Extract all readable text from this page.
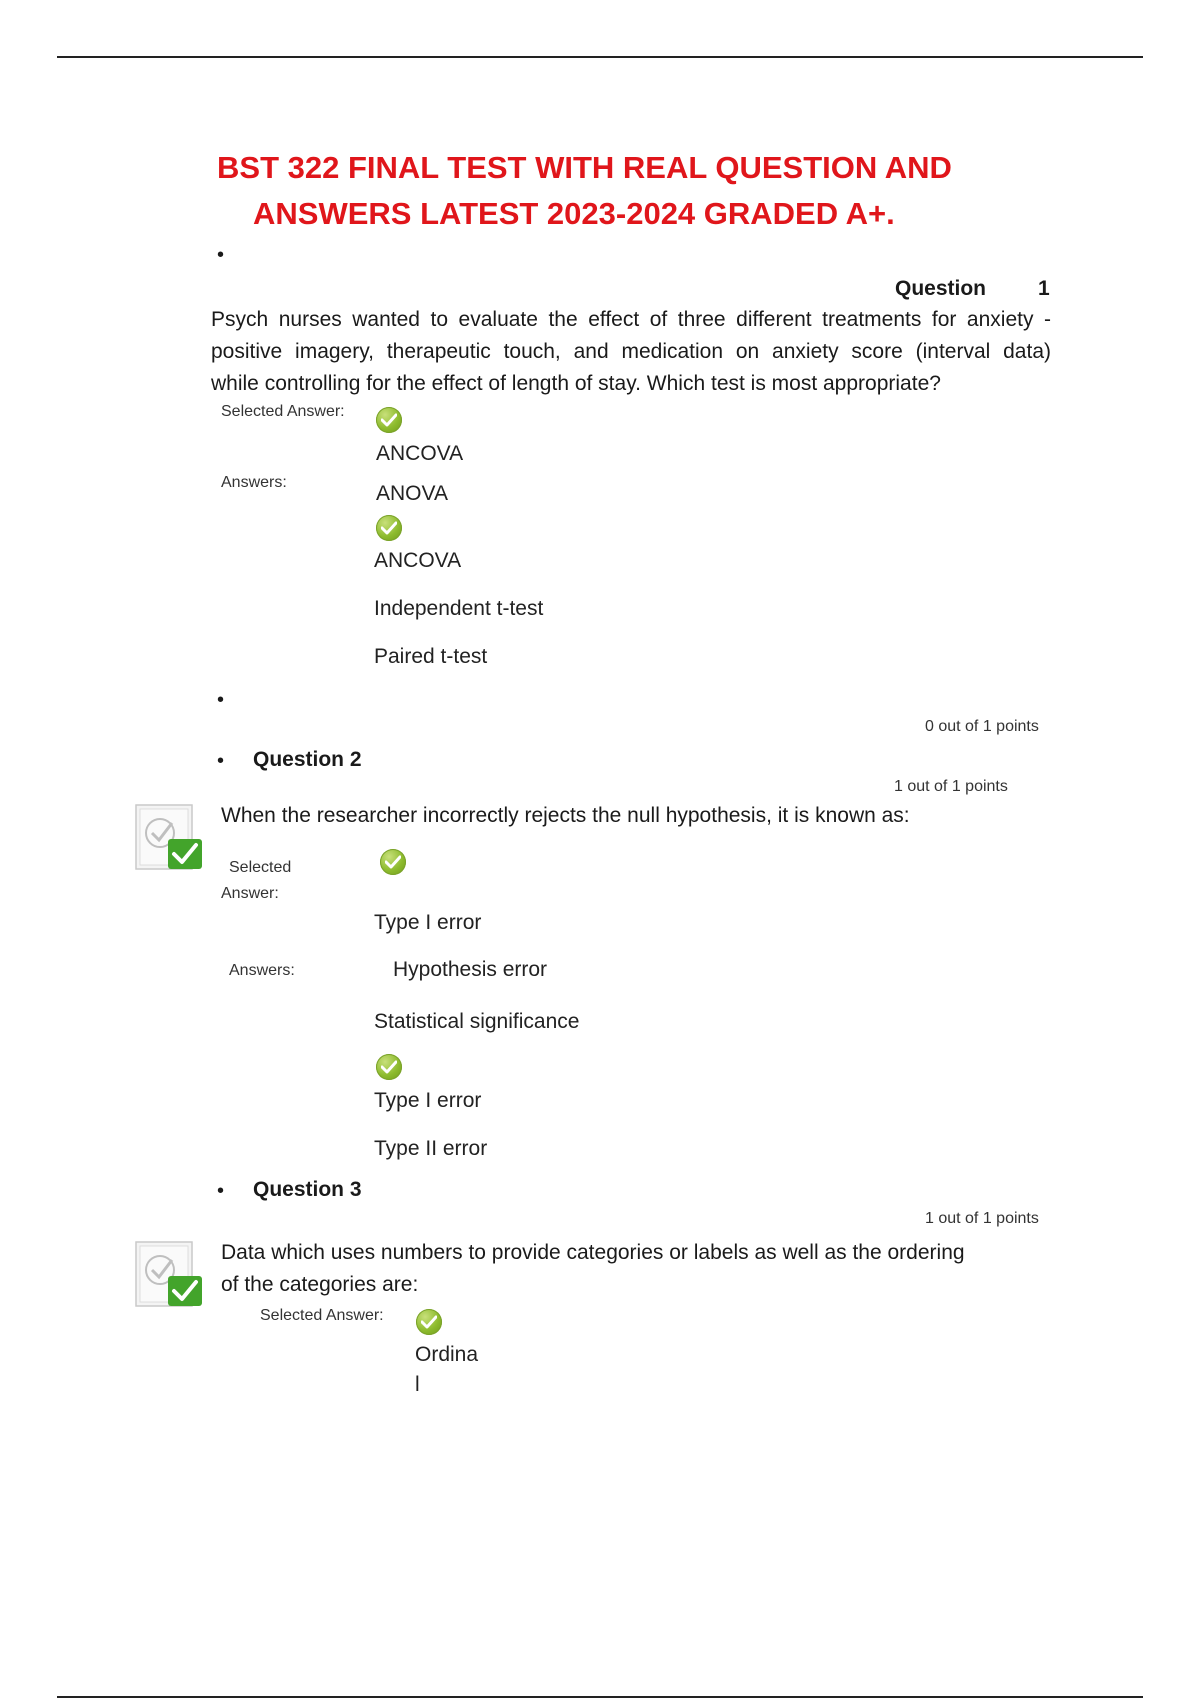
BST 322 FINAL TEST WITH REAL QUESTION AND
ANSWERS LATEST 2023-2024 GRADED A+.
•
Question 1
Psych nurses wanted to evaluate the effect of three different treatments for anxiety -
positive imagery, therapeutic touch, and medication on anxiety score (interval data)
while controlling for the effect of length of stay. Which test is most appropriate?
Selected Answer:
ANCOVA
Answers:	ANOVA
ANCOVA
Independent t-test
Paired t-test
•
0 out of 1 points
• Question 2
1 out of 1 points
When the researcher incorrectly rejects the null hypothesis, it is known as:
Selected
Answer:
Type I error
Answers:	Hypothesis error
Statistical significance
Type I error
Type II error
• Question 3
1 out of 1 points
Data which uses numbers to provide categories or labels as well as the ordering
of the categories are:
Selected Answer:
Ordina
l
